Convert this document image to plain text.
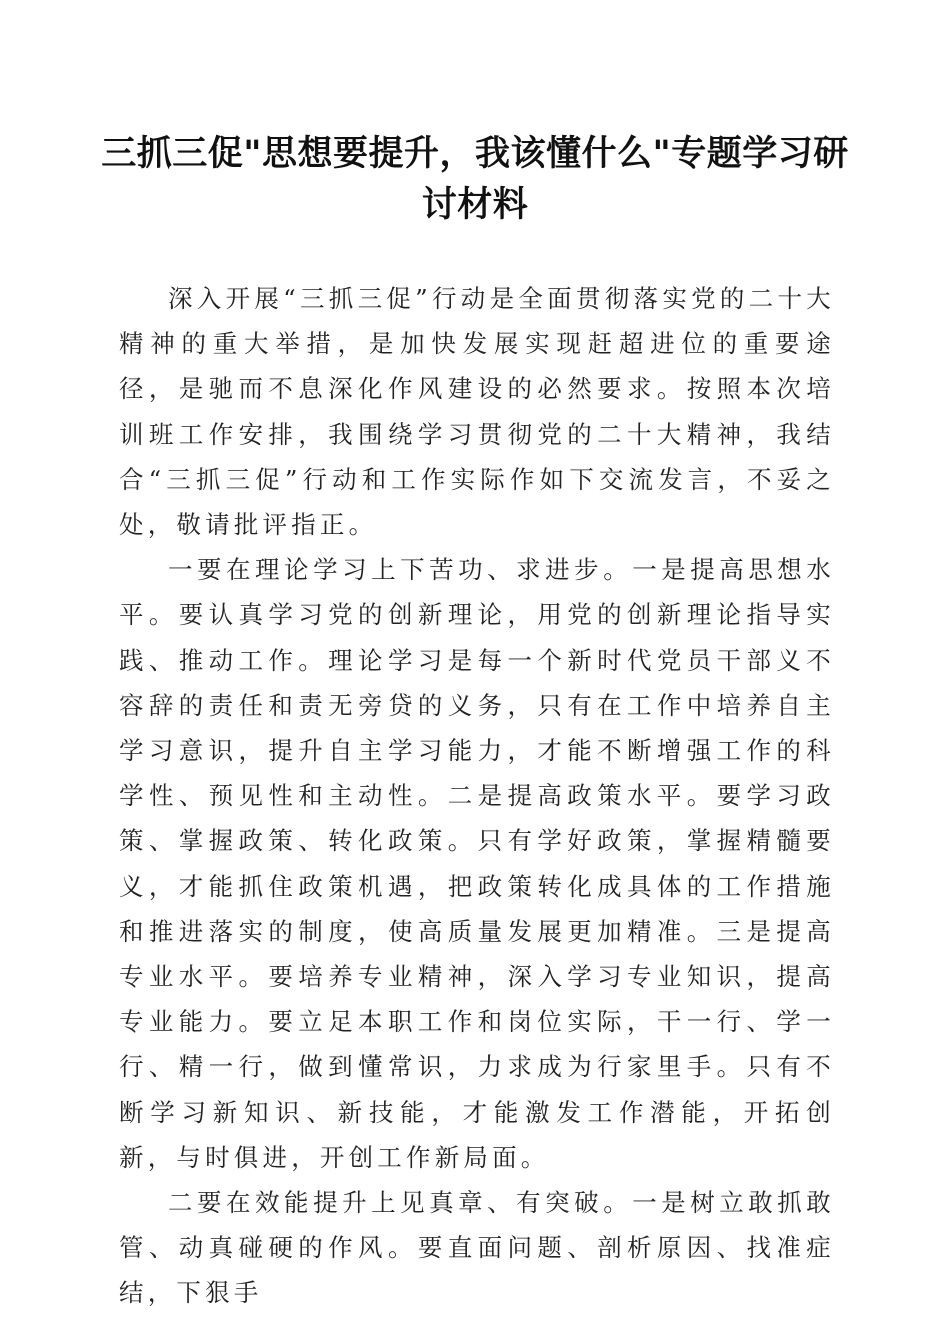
三抓三促"思想要提升，我该懂什么"专题学习研讨材料

深入开展“三抓三促”行动是全面贯彻落实党的二十大精神的重大举措，是加快发展实现赶超进位的重要途径，是驰而不息深化作风建设的必然要求。按照本次培训班工作安排，我围绕学习贯彻党的二十大精神，我结合“三抓三促”行动和工作实际作如下交流发言，不妥之处，敬请批评指正。

一要在理论学习上下苦功、求进步。一是提高思想水平。要认真学习党的创新理论，用党的创新理论指导实践、推动工作。理论学习是每一个新时代党员干部义不容辞的责任和责无旁贷的义务，只有在工作中培养自主学习意识，提升自主学习能力，才能不断增强工作的科学性、预见性和主动性。二是提高政策水平。要学习政策、掌握政策、转化政策。只有学好政策，掌握精髓要义，才能抓住政策机遇，把政策转化成具体的工作措施和推进落实的制度，使高质量发展更加精准。三是提高专业水平。要培养专业精神，深入学习专业知识，提高专业能力。要立足本职工作和岗位实际，干一行、学一行、精一行，做到懂常识，力求成为行家里手。只有不断学习新知识、新技能，才能激发工作潜能，开拓创新，与时俱进，开创工作新局面。

二要在效能提升上见真章、有突破。一是树立敢抓敢管、动真碰硬的作风。要直面问题、剖析原因、找准症结，下狠手
